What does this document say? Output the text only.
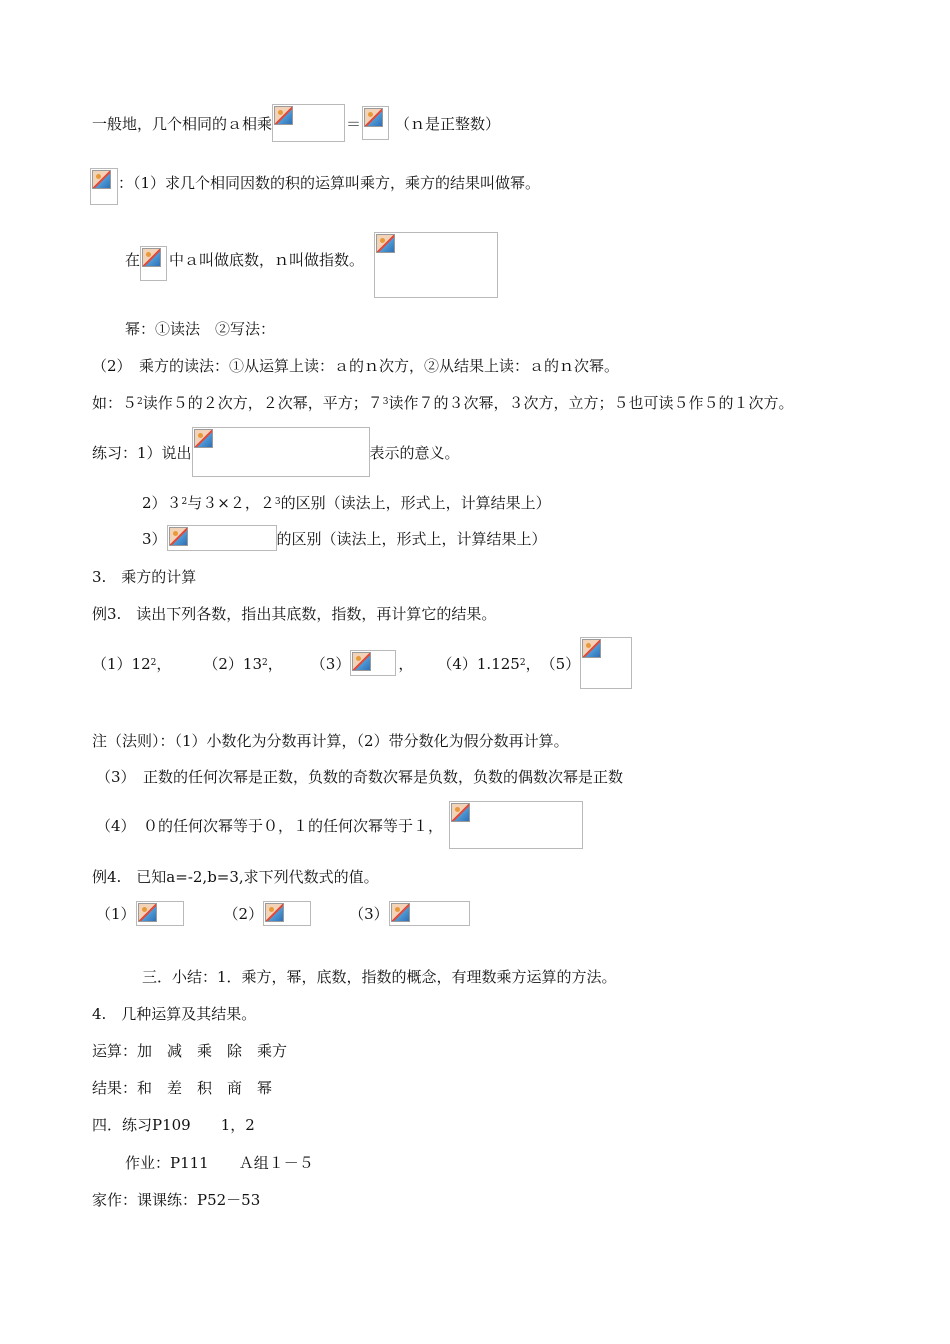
一般地，几个相同的ａ相乘	＝ （ｎ是正整数）
：（1）求几个相同因数的积的运算叫乘方，乘方的结果叫做幂。
在 中ａ叫做底数，ｎ叫做指数。
幂：①读法　②写法：
（2）　乘方的读法：①从运算上读：ａ的ｎ次方，②从结果上读：ａ的ｎ次幂。
如：５ 2 读作５的２次方，２次幂，平方；７ 3 读作７的３次幂，３次方，立方；５也可读５作５的１次方。
练习：1）说出	表示的意义。
2）３ 2 与３×２，２ 3 的区别（读法上，形式上，计算结果上）
3）	的区别（读法上，形式上，计算结果上）
3.　乘方的计算
例3.　读出下列各数，指出其底数，指数，再计算它的结果。
（1）12 2 ， （2）13 2 ， （3）	， （4）1.125 2 ， （5）
注（法则）：（1）小数化为分数再计算，（2）带分数化为假分数再计算。
（3）　正数的任何次幂是正数，负数的奇数次幂是负数，负数的偶数次幂是正数
（4）　０的任何次幂等于０，１的任何次幂等于１，
例4.　已知a=-2,b=3,求下列代数式的值。
（1）	（2）	（3）
三．小结：1．乘方，幂，底数，指数的概念，有理数乘方运算的方法。
4.　几种运算及其结果。
运算：加　减　乘　除　乘方
结果：和　差　积　商　幂
四．练习P109　　1，2
作业：P111　　Ａ组１－５
家作：课课练：P52－53
